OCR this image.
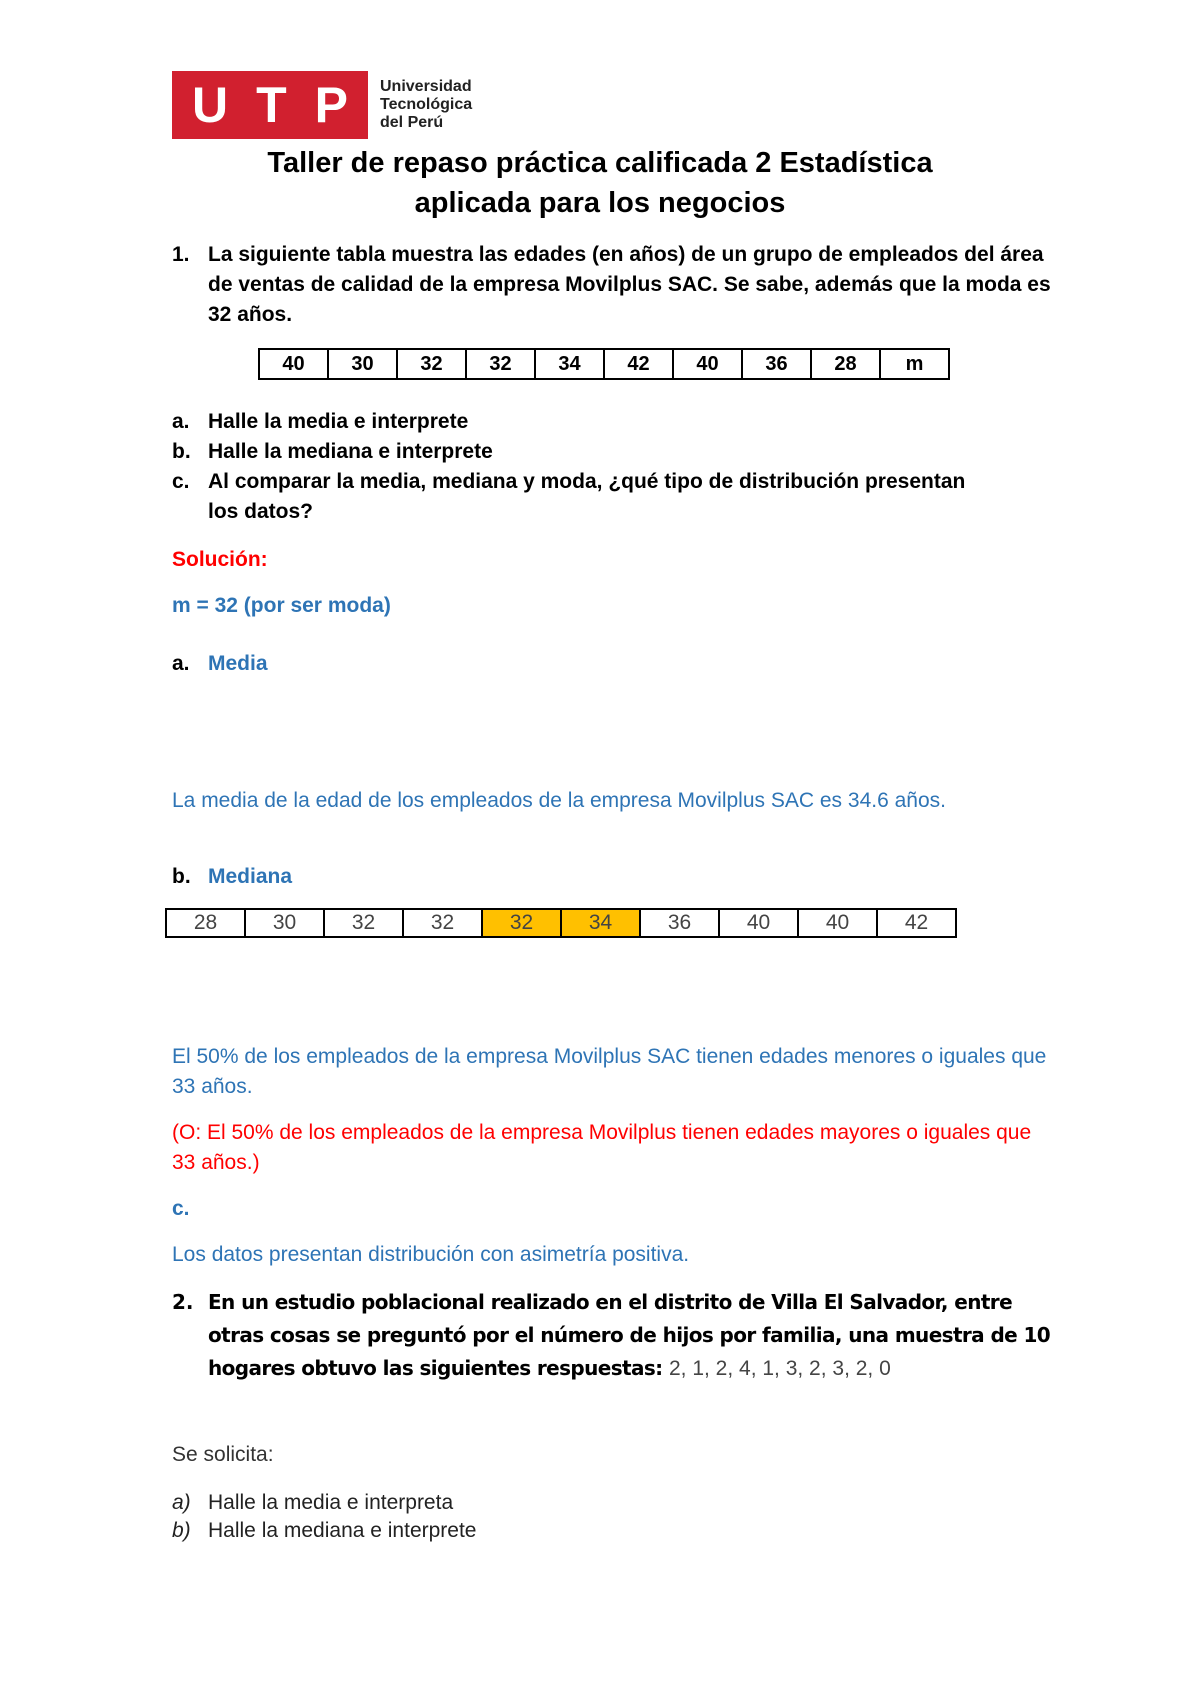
U T P Universidad
Tecnológica
del Perú
Taller de repaso práctica calificada 2 Estadística
aplicada para los negocios
1. La siguiente tabla muestra las edades (en años) de un grupo de empleados del área de ventas de calidad de la empresa Movilplus SAC. Se sabe, además que la moda es 32 años.
40	30	32	32	34	42	40	36	28	m
a. Halle la media e interprete
b. Halle la mediana e interprete
c. Al comparar la media, mediana y moda, ¿qué tipo de distribución presentan los datos?
Solución:
m = 32 (por ser moda)
a. Media
La media de la edad de los empleados de la empresa Movilplus SAC es 34.6 años.
b. Mediana
28	30	32	32	32	34	36	40	40	42
El 50% de los empleados de la empresa Movilplus SAC tienen edades menores o iguales que 33 años.
(O: El 50% de los empleados de la empresa Movilplus tienen edades mayores o iguales que 33 años.)
c.
Los datos presentan distribución con asimetría positiva.
2. En un estudio poblacional realizado en el distrito de Villa El Salvador, entre otras cosas se preguntó por el número de hijos por familia, una muestra de 10 hogares obtuvo las siguientes respuestas: 2, 1, 2, 4, 1, 3, 2, 3, 2, 0
Se solicita:
a) Halle la media e interpreta
b) Halle la mediana e interprete
